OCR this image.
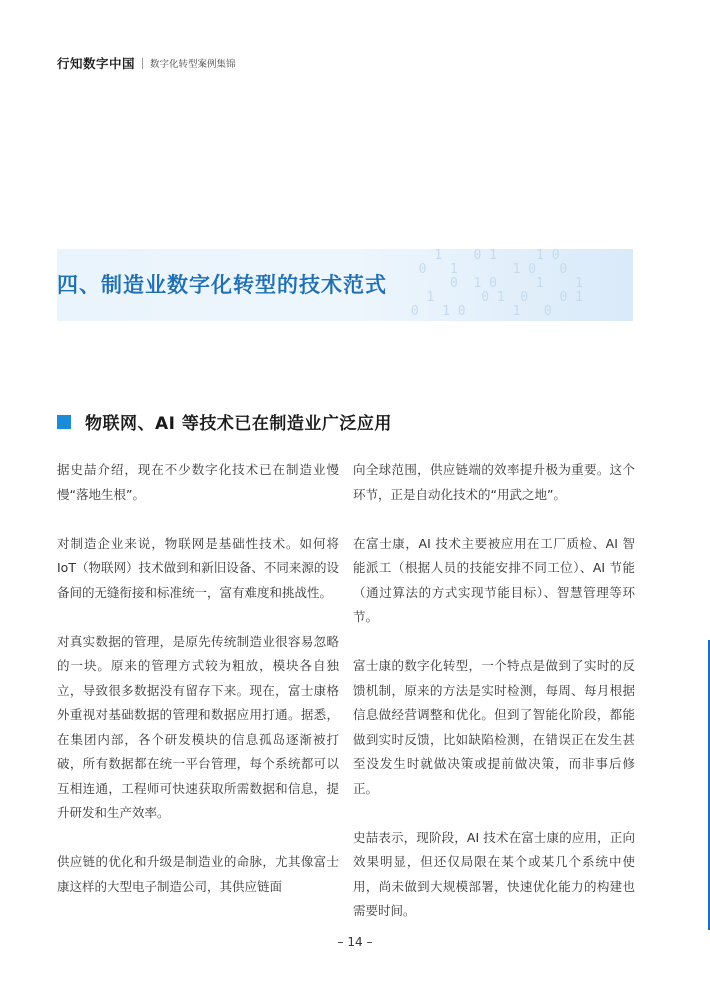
行知数字中国 数字化转型案例集锦
1    0 1     1 0
0   1       1 0   0
0  1 0     1    1
1      0 1  0    0 1
0   1 0      1   0
四、制造业数字化转型的技术范式
物联网、AI 等技术已在制造业广泛应用

据史喆介绍，现在不少数字化技术已在制造业慢慢“落地生根”。

对制造企业来说，物联网是基础性技术。如何将 IoT（物联网）技术做到和新旧设备、不同来源的设备间的无缝衔接和标准统一，富有难度和挑战性。

对真实数据的管理，是原先传统制造业很容易忽略的一块。原来的管理方式较为粗放，模块各自独立，导致很多数据没有留存下来。现在，富士康格外重视对基础数据的管理和数据应用打通。据悉，在集团内部，各个研发模块的信息孤岛逐渐被打破，所有数据都在统一平台管理，每个系统都可以互相连通，工程师可快速获取所需数据和信息，提升研发和生产效率。

供应链的优化和升级是制造业的命脉，尤其像富士康这样的大型电子制造公司，其供应链面

向全球范围，供应链端的效率提升极为重要。这个环节，正是自动化技术的“用武之地”。

在富士康，AI 技术主要被应用在工厂质检、AI 智能派工（根据人员的技能安排不同工位）、AI 节能（通过算法的方式实现节能目标）、智慧管理等环节。

富士康的数字化转型，一个特点是做到了实时的反馈机制，原来的方法是实时检测，每周、每月根据信息做经营调整和优化。但到了智能化阶段，都能做到实时反馈，比如缺陷检测，在错误正在发生甚至没发生时就做决策或提前做决策，而非事后修正。

史喆表示，现阶段，AI 技术在富士康的应用，正向效果明显，但还仅局限在某个或某几个系统中使用，尚未做到大规模部署，快速优化能力的构建也需要时间。

– 14 –
